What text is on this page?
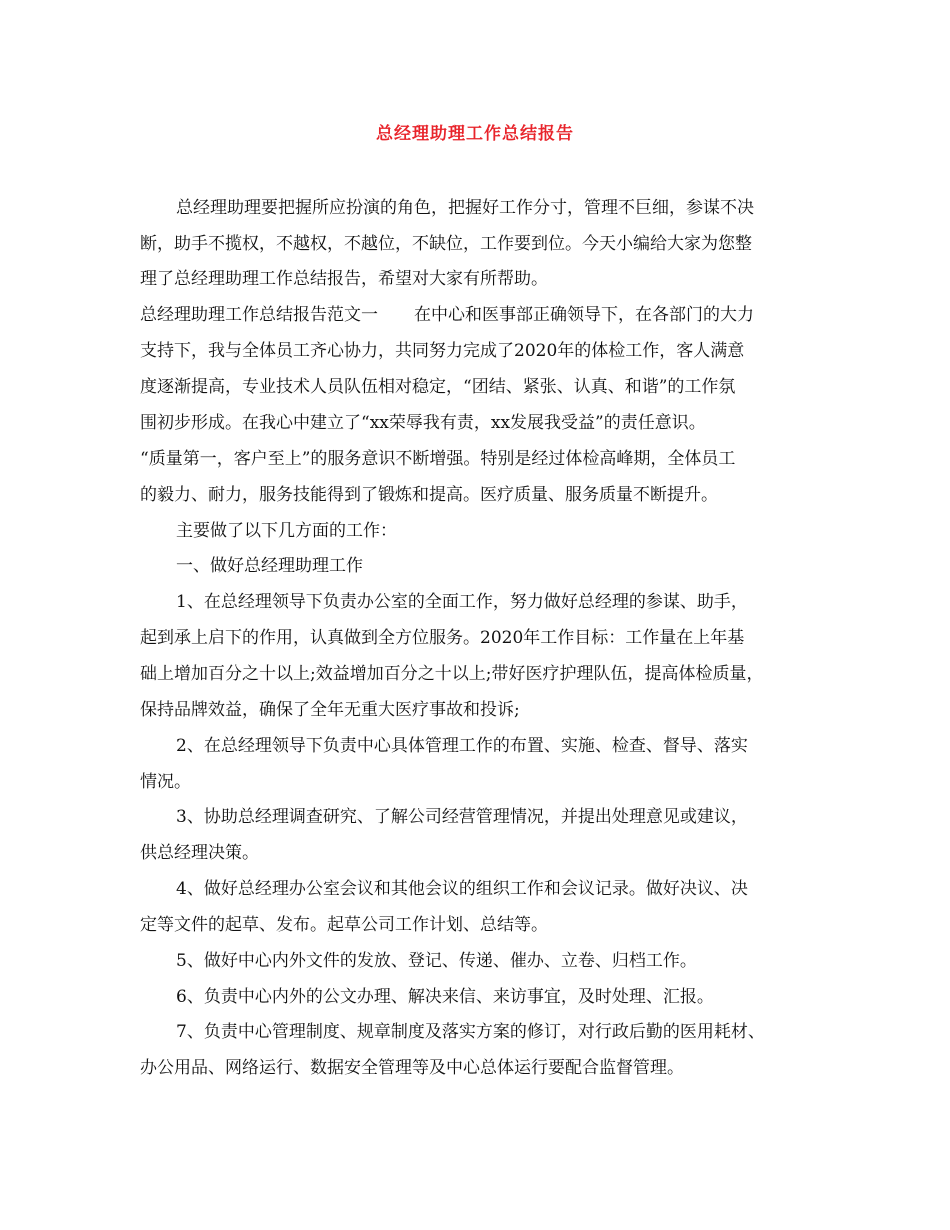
总经理助理工作总结报告
总经理助理要把握所应扮演的角色，把握好工作分寸，管理不巨细，参谋不决
断，助手不揽权，不越权，不越位，不缺位，工作要到位。今天小编给大家为您整
理了总经理助理工作总结报告，希望对大家有所帮助。
总经理助理工作总结报告范文一 在中心和医事部正确领导下，在各部门的大力
支持下，我与全体员工齐心协力，共同努力完成了2020年的体检工作，客人满意
度逐渐提高，专业技术人员队伍相对稳定，“团结、紧张、认真、和谐”的工作氛
围初步形成。在我心中建立了“xx荣辱我有责，xx发展我受益”的责任意识。
“质量第一，客户至上”的服务意识不断增强。特别是经过体检高峰期，全体员工
的毅力、耐力，服务技能得到了锻炼和提高。医疗质量、服务质量不断提升。
主要做了以下几方面的工作：
一、做好总经理助理工作
1、在总经理领导下负责办公室的全面工作，努力做好总经理的参谋、助手，
起到承上启下的作用，认真做到全方位服务。2020年工作目标：工作量在上年基
础上增加百分之十以上;效益增加百分之十以上;带好医疗护理队伍，提高体检质量，
保持品牌效益，确保了全年无重大医疗事故和投诉;
2、在总经理领导下负责中心具体管理工作的布置、实施、检查、督导、落实
情况。
3、协助总经理调查研究、了解公司经营管理情况，并提出处理意见或建议，
供总经理决策。
4、做好总经理办公室会议和其他会议的组织工作和会议记录。做好决议、决
定等文件的起草、发布。起草公司工作计划、总结等。
5、做好中心内外文件的发放、登记、传递、催办、立卷、归档工作。
6、负责中心内外的公文办理、解决来信、来访事宜，及时处理、汇报。
7、负责中心管理制度、规章制度及落实方案的修订，对行政后勤的医用耗材、
办公用品、网络运行、数据安全管理等及中心总体运行要配合监督管理。
